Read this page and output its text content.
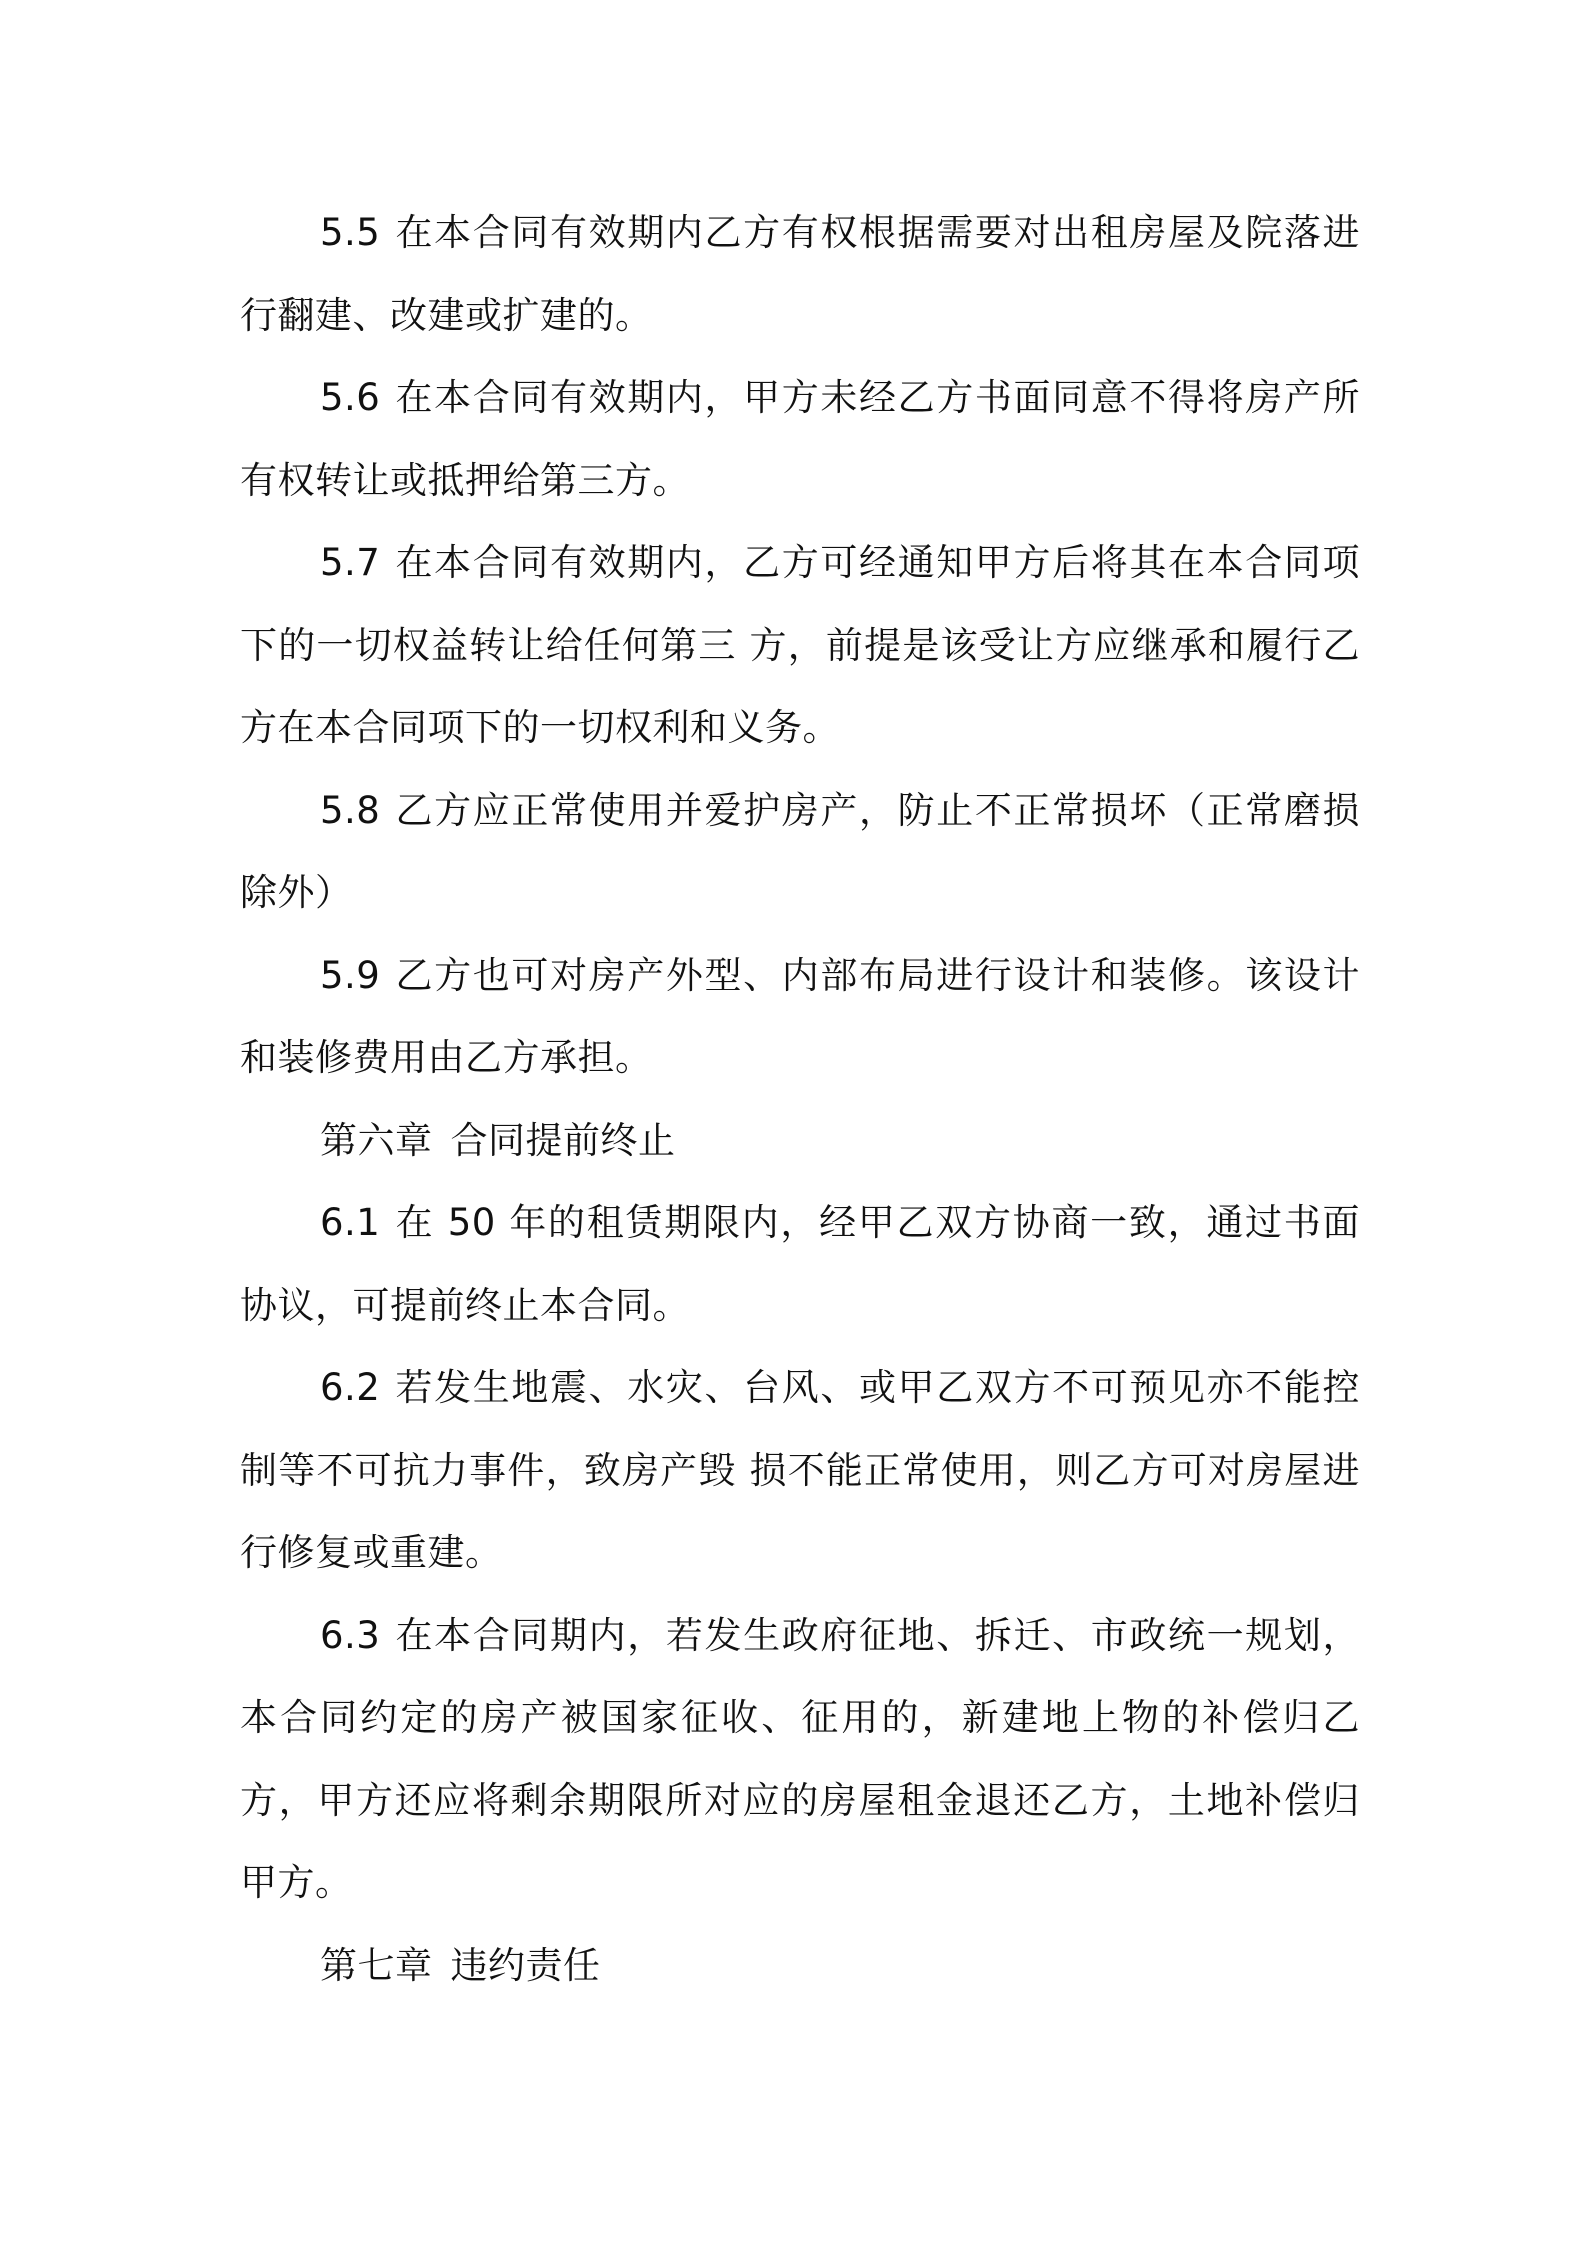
5.5 在本合同有效期内乙方有权根据需要对出租房屋及院落进行翻建、改建或扩建的。

5.6 在本合同有效期内，甲方未经乙方书面同意不得将房产所有权转让或抵押给第三方。

5.7 在本合同有效期内，乙方可经通知甲方后将其在本合同项下的一切权益转让给任何第三 方，前提是该受让方应继承和履行乙方在本合同项下的一切权利和义务。

5.8 乙方应正常使用并爱护房产，防止不正常损坏（正常磨损除外）

5.9 乙方也可对房产外型、内部布局进行设计和装修。该设计和装修费用由乙方承担。

第六章 合同提前终止

6.1 在 50 年的租赁期限内，经甲乙双方协商一致，通过书面协议，可提前终止本合同。

6.2 若发生地震、水灾、台风、或甲乙双方不可预见亦不能控制等不可抗力事件，致房产毁 损不能正常使用，则乙方可对房屋进行修复或重建。

6.3 在本合同期内，若发生政府征地、拆迁、市政统一规划，本合同约定的房产被国家征收、征用的，新建地上物的补偿归乙方，甲方还应将剩余期限所对应的房屋租金退还乙方，土地补偿归甲方。

第七章 违约责任
